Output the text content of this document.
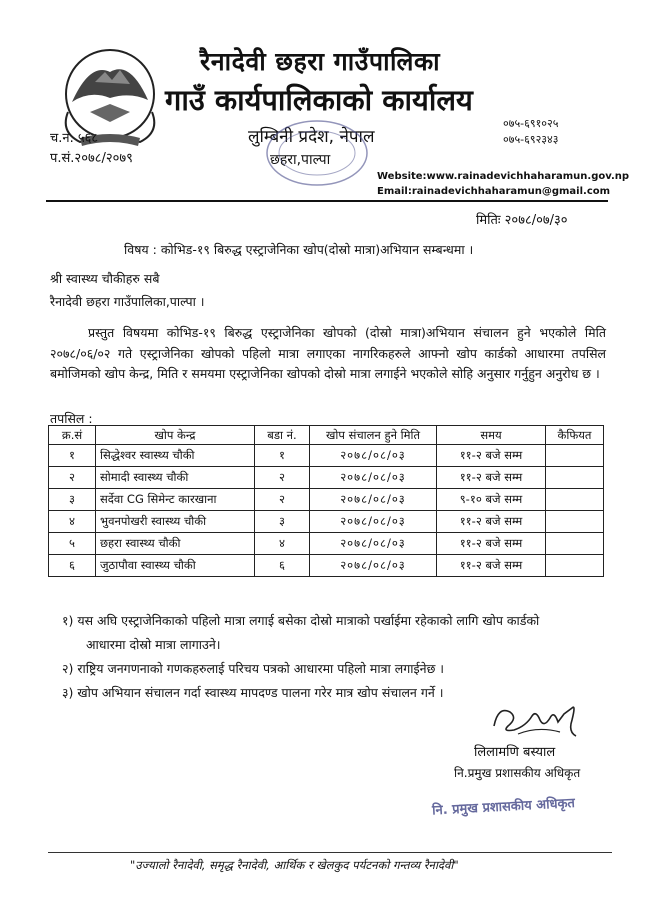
रैनादेवी छहरा गाउँपालिका
गाउँ कार्यपालिकाको कार्यालय
लुम्बिनी प्रदेश, नेपाल
छहरा,पाल्पा
च.नं. ५६८
प.सं.२०७८/२०७९
०७५-६९१०२५
०७५-६९२३४३
Website:www.rainadevichhaharamun.gov.np
Email:rainadevichhaharamun@gmail.com
मितिः २०७८/०७/३०
विषय : कोभिड-१९ बिरुद्ध एस्ट्राजेनिका खोप(दोस्रो मात्रा)अभियान सम्बन्धमा ।
श्री स्वास्थ्य चौकीहरु सबै
रैनादेवी छहरा गाउँपालिका,पाल्पा ।

प्रस्तुत विषयमा कोभिड-१९ बिरुद्ध एस्ट्राजेनिका खोपको (दोस्रो मात्रा)अभियान संचालन हुने भएकोले मिति २०७८/०६/०२ गते एस्ट्राजेनिका खोपको पहिलो मात्रा लगाएका नागरिकहरुले आफ्नो खोप कार्डको आधारमा तपसिल बमोजिमको खोप केन्द्र, मिति र समयमा एस्ट्राजेनिका खोपको दोस्रो मात्रा लगाईने भएकोले सोहि अनुसार गर्नुहुन अनुरोध छ ।

तपसिल :
क्र.सं	खोप केन्द्र	बडा नं.	खोप संचालन हुने मिति	समय	कैफियत
१	सिद्धेश्वर स्वास्थ्य चौकी	१	२०७८/०८/०३	११-२ बजे सम्म	
२	सोमादी स्वास्थ्य चौकी	२	२०७८/०८/०३	११-२ बजे सम्म	
३	सर्देवा CG सिमेन्ट कारखाना	२	२०७८/०८/०३	९-१० बजे सम्म	
४	भुवनपोखरी स्वास्थ्य चौकी	३	२०७८/०८/०३	११-२ बजे सम्म	
५	छहरा स्वास्थ्य चौकी	४	२०७८/०८/०३	११-२ बजे सम्म	
६	जुठापौवा स्वास्थ्य चौकी	६	२०७८/०८/०३	११-२ बजे सम्म	
१) यस अघि एस्ट्राजेनिकाको पहिलो मात्रा लगाई बसेका दोस्रो मात्राको पर्खाईमा रहेकाको लागि खोप कार्डको
आधारमा दोस्रो मात्रा लागाउने।
२) राष्ट्रिय जनगणनाको गणकहरुलाई परिचय पत्रको आधारमा पहिलो मात्रा लगाईनेछ ।
३) खोप अभियान संचालन गर्दा स्वास्थ्य मापदण्ड पालना गरेर मात्र खोप संचालन गर्ने ।
लिलामणि बस्याल
नि.प्रमुख प्रशासकीय अधिकृत
नि. प्रमुख प्रशासकीय अधिकृत
"उज्यालो रैनादेवी, समृद्ध रैनादेवी, आर्थिक र खेलकुद पर्यटनको गन्तव्य रैनादेवी"
